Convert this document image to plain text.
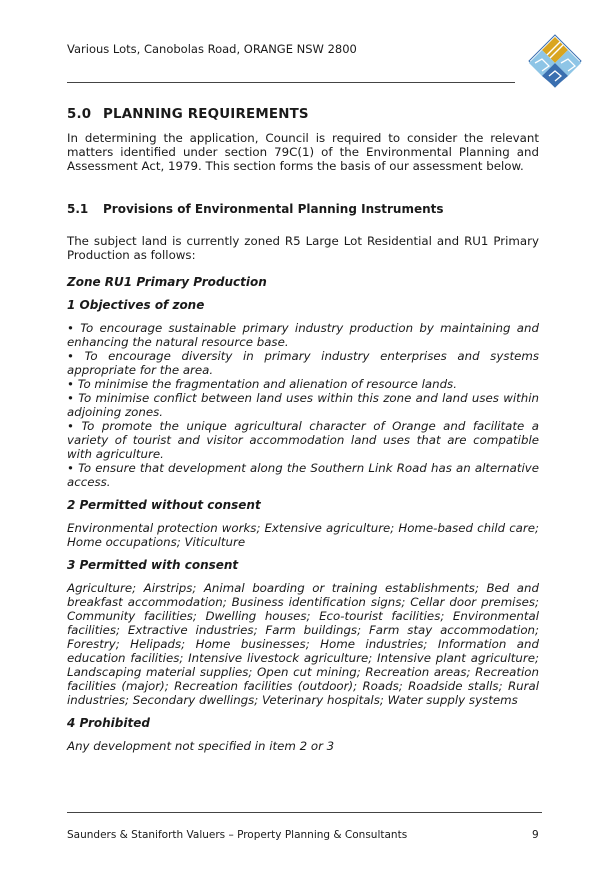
Various Lots, Canobolas Road, ORANGE NSW 2800
5.0 PLANNING REQUIREMENTS

In determining the application, Council is required to consider the relevant matters identified under section 79C(1) of the Environmental Planning and Assessment Act, 1979. This section forms the basis of our assessment below.

5.1 Provisions of Environmental Planning Instruments

The subject land is currently zoned R5 Large Lot Residential and RU1 Primary Production as follows:

Zone RU1 Primary Production
1 Objectives of zone
• To encourage sustainable primary industry production by maintaining and enhancing the natural resource base.
• To encourage diversity in primary industry enterprises and systems appropriate for the area.
• To minimise the fragmentation and alienation of resource lands.
• To minimise conflict between land uses within this zone and land uses within adjoining zones.
• To promote the unique agricultural character of Orange and facilitate a variety of tourist and visitor accommodation land uses that are compatible with agriculture.
• To ensure that development along the Southern Link Road has an alternative access.
2 Permitted without consent

Environmental protection works; Extensive agriculture; Home-based child care; Home occupations; Viticulture

3 Permitted with consent

Agriculture; Airstrips; Animal boarding or training establishments; Bed and breakfast accommodation; Business identification signs; Cellar door premises; Community facilities; Dwelling houses; Eco-tourist facilities; Environmental facilities; Extractive industries; Farm buildings; Farm stay accommodation; Forestry; Helipads; Home businesses; Home industries; Information and education facilities; Intensive livestock agriculture; Intensive plant agriculture; Landscaping material supplies; Open cut mining; Recreation areas; Recreation facilities (major); Recreation facilities (outdoor); Roads; Roadside stalls; Rural industries; Secondary dwellings; Veterinary hospitals; Water supply systems

4 Prohibited

Any development not specified in item 2 or 3

Saunders & Staniforth Valuers – Property Planning & Consultants	9
